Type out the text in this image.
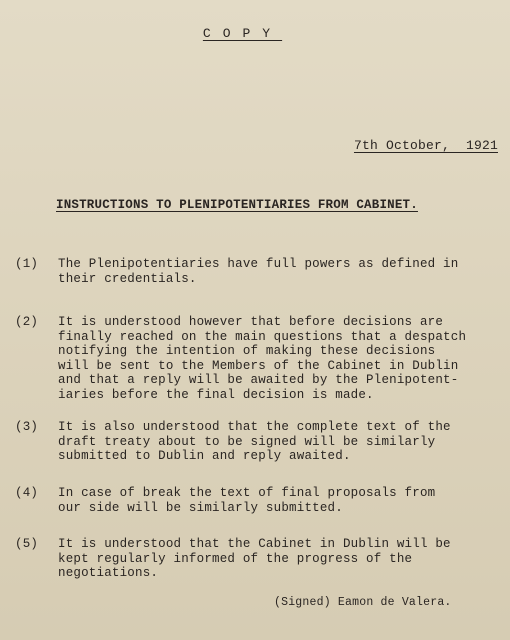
COPY
7th October,  1921
INSTRUCTIONS TO PLENIPOTENTIARIES FROM CABINET.
(1) The Plenipotentiaries have full powers as defined in
their credentials.
(2) It is understood however that before decisions are
finally reached on the main questions that a despatch
notifying the intention of making these decisions
will be sent to the Members of the Cabinet in Dublin
and that a reply will be awaited by the Plenipotent-
iaries before the final decision is made.
(3) It is also understood that the complete text of the
draft treaty about to be signed will be similarly
submitted to Dublin and reply awaited.
(4) In case of break the text of final proposals from
our side will be similarly submitted.
(5) It is understood that the Cabinet in Dublin will be
kept regularly informed of the progress of the
negotiations.
(Signed) Eamon de Valera.
